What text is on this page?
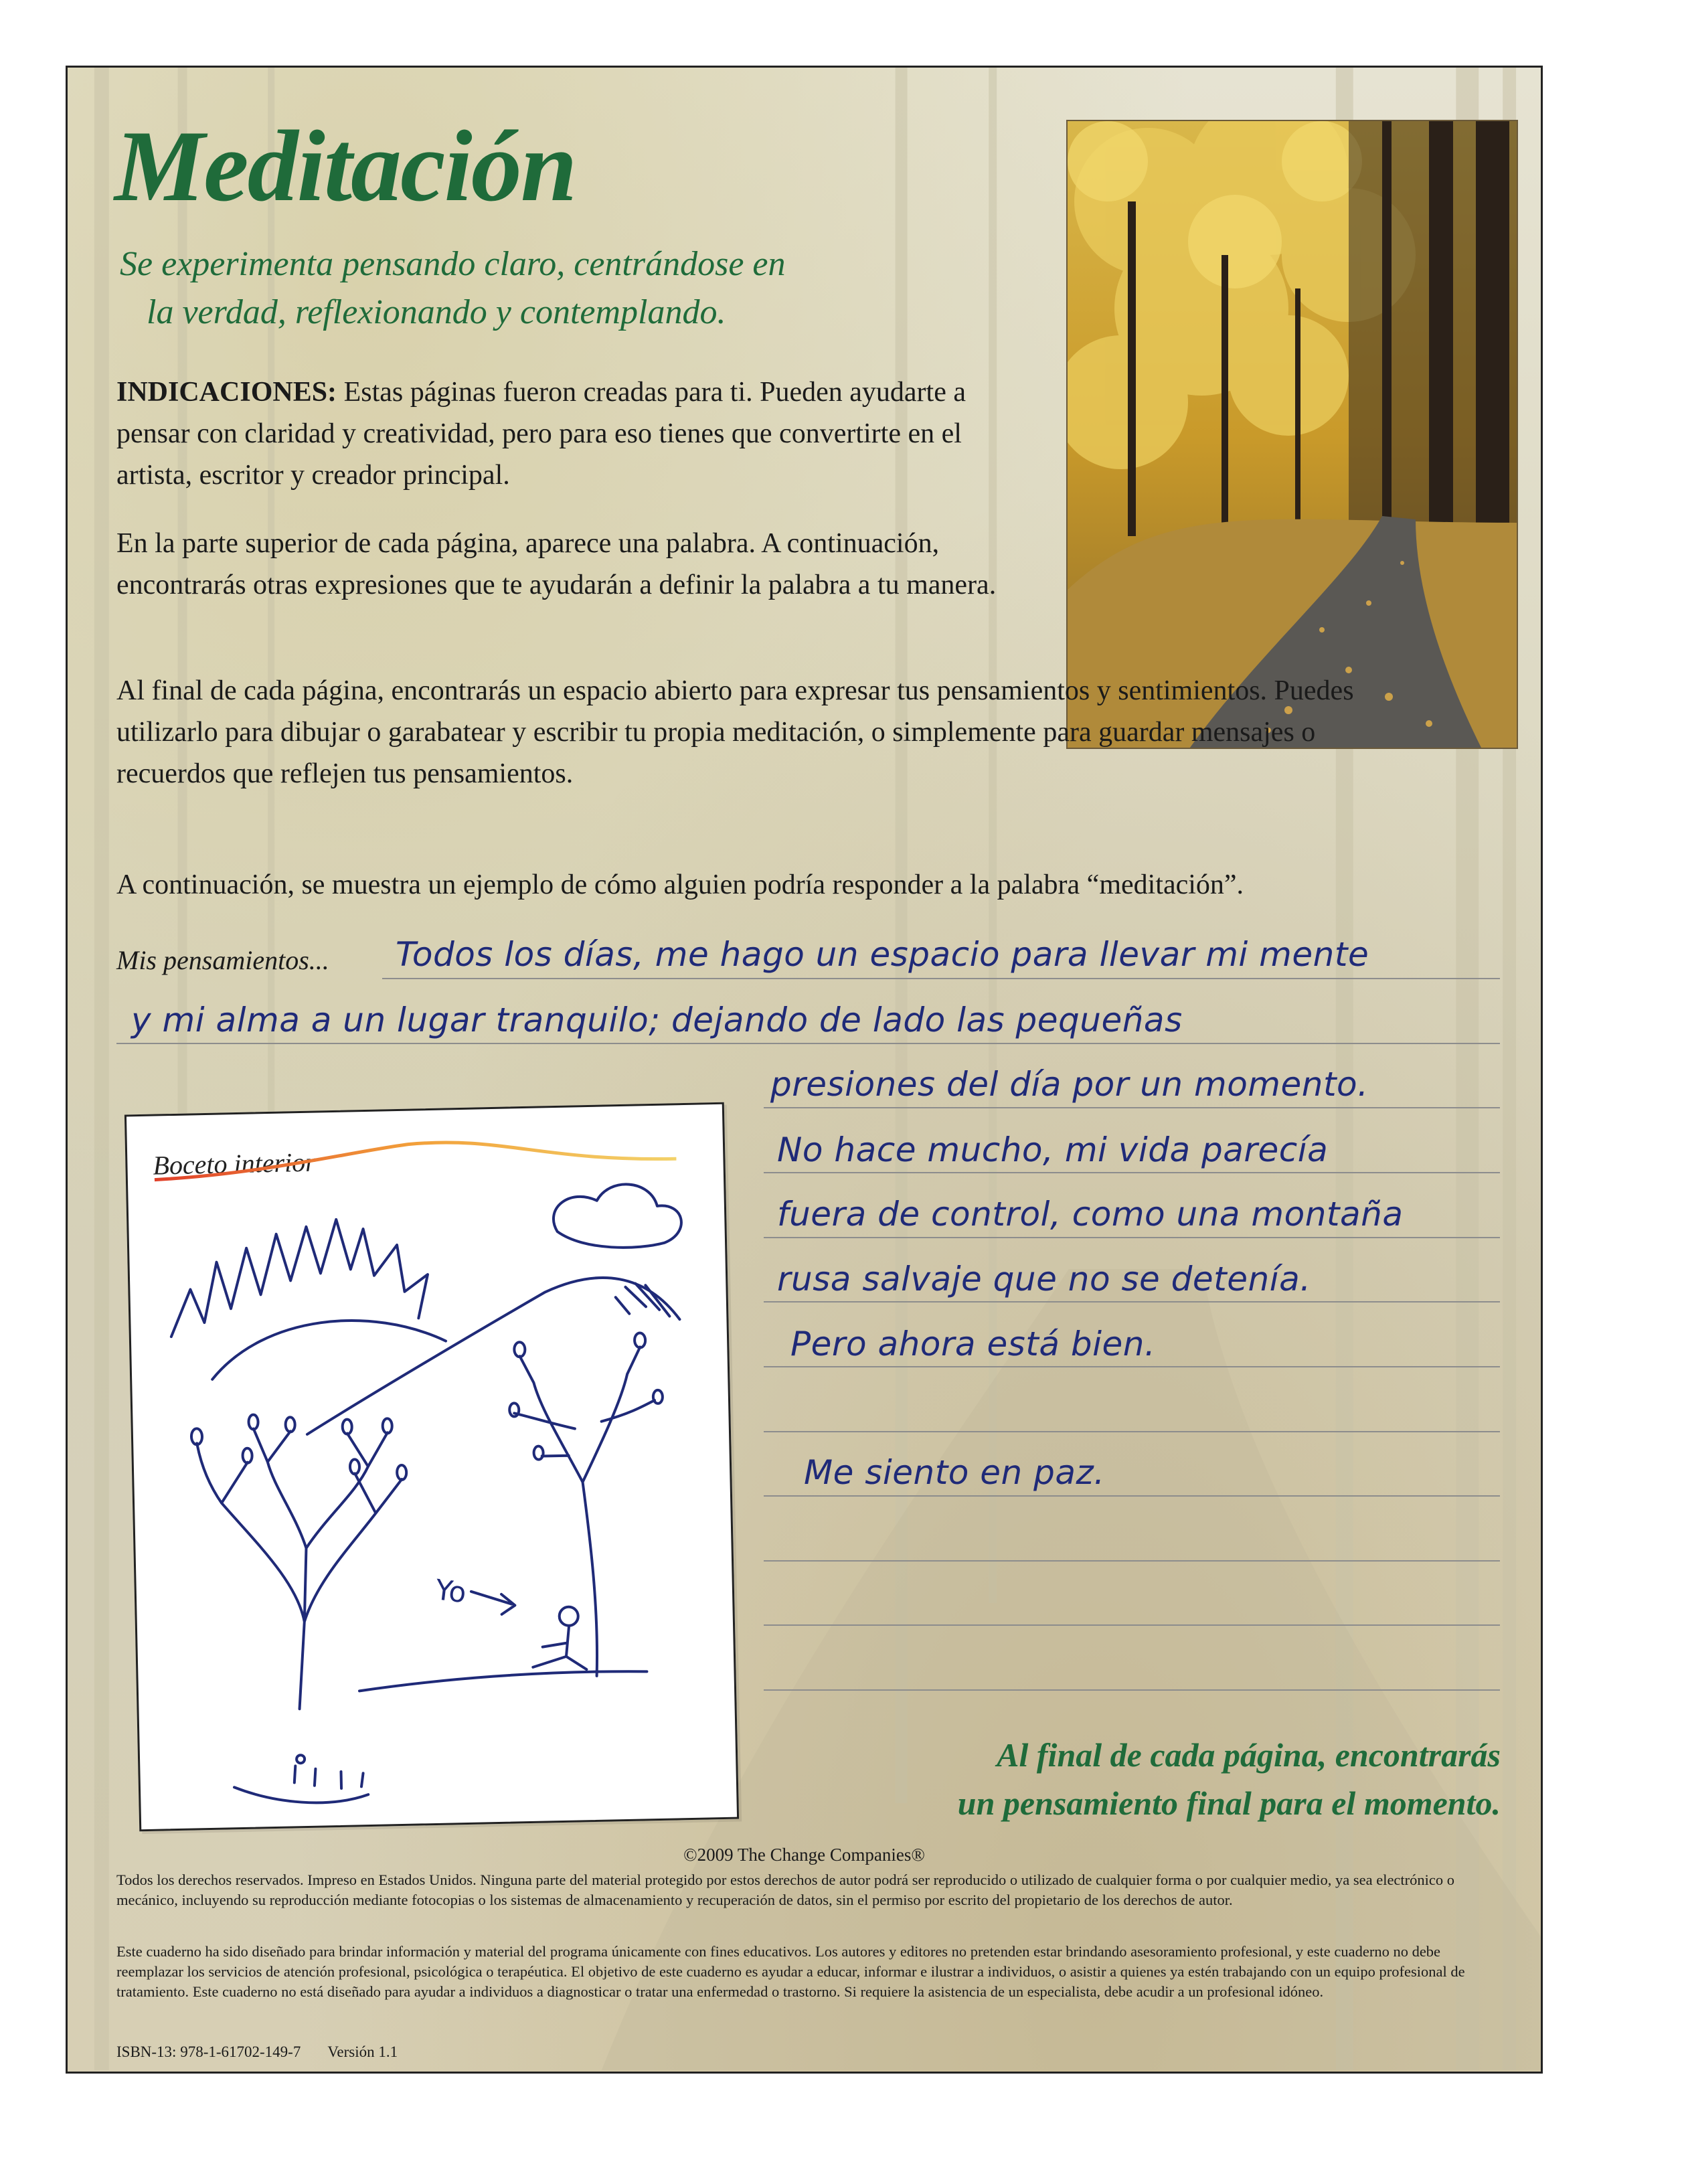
Meditación
Se experimenta pensando claro, centrándose en
la verdad, reflexionando y contemplando.
INDICACIONES: Estas páginas fueron creadas para ti. Pueden ayudarte a pensar con claridad y creatividad, pero para eso tienes que convertirte en el artista, escritor y creador principal.
En la parte superior de cada página, aparece una palabra. A continuación, encontrarás otras expresiones que te ayudarán a definir la palabra a tu manera.
Al final de cada página, encontrarás un espacio abierto para expresar tus pensamientos y sentimientos. Puedes utilizarlo para dibujar o garabatear y escribir tu propia meditación, o simplemente para guardar mensajes o recuerdos que reflejen tus pensamientos.
A continuación, se muestra un ejemplo de cómo alguien podría responder a la palabra “meditación”.
Mis pensamientos... Todos los días, me hago un espacio para llevar mi mente
y mi alma a un lugar tranquilo; dejando de lado las pequeñas
presiones del día por un momento.
No hace mucho, mi vida parecía
fuera de control, como una montaña
rusa salvaje que no se detenía.
Pero ahora está bien.
Me siento en paz.
Boceto interior
Yo
Al final de cada página, encontrarás
un pensamiento final para el momento.
©2009 The Change Companies®
Todos los derechos reservados. Impreso en Estados Unidos. Ninguna parte del material protegido por estos derechos de autor podrá ser reproducido o utilizado de cualquier forma o por cualquier medio, ya sea electrónico o mecánico, incluyendo su reproducción mediante fotocopias o los sistemas de almacenamiento y recuperación de datos, sin el permiso por escrito del propietario de los derechos de autor.
Este cuaderno ha sido diseñado para brindar información y material del programa únicamente con fines educativos. Los autores y editores no pretenden estar brindando asesoramiento profesional, y este cuaderno no debe reemplazar los servicios de atención profesional, psicológica o terapéutica. El objetivo de este cuaderno es ayudar a educar, informar e ilustrar a individuos, o asistir a quienes ya estén trabajando con un equipo profesional de tratamiento. Este cuaderno no está diseñado para ayudar a individuos a diagnosticar o tratar una enfermedad o trastorno. Si requiere la asistencia de un especialista, debe acudir a un profesional idóneo.
ISBN-13: 978-1-61702-149-7 Versión 1.1
